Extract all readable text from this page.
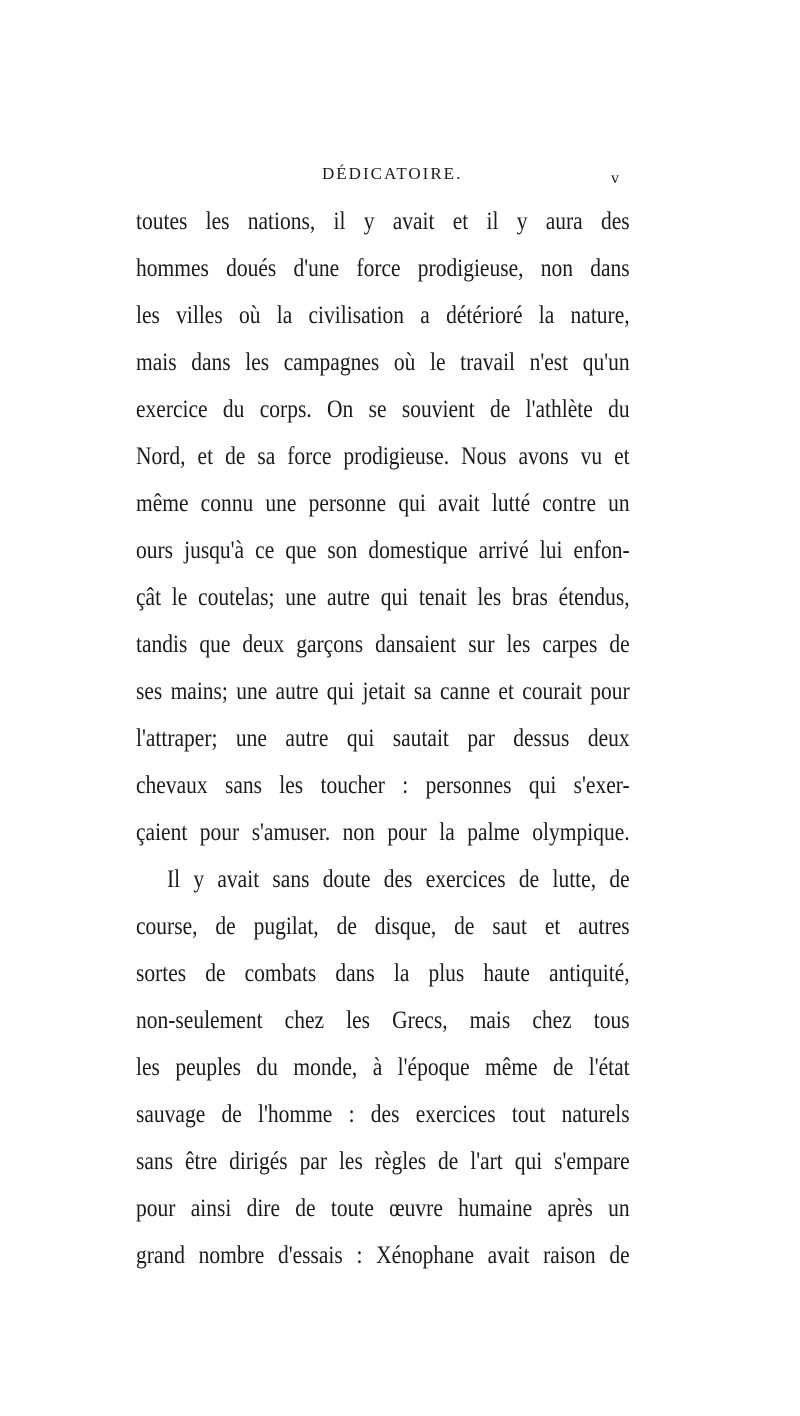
DÉDICATOIRE.	v
toutes les nations, il y avait et il y aura des
hommes doués d'une force prodigieuse, non dans
les villes où la civilisation a détérioré la nature,
mais dans les campagnes où le travail n'est qu'un
exercice du corps. On se souvient de l'athlète du
Nord, et de sa force prodigieuse. Nous avons vu et
même connu une personne qui avait lutté contre un
ours jusqu'à ce que son domestique arrivé lui enfon-
çât le coutelas; une autre qui tenait les bras étendus,
tandis que deux garçons dansaient sur les carpes de
ses mains; une autre qui jetait sa canne et courait pour
l'attraper; une autre qui sautait par dessus deux
chevaux sans les toucher : personnes qui s'exer-
çaient pour s'amuser. non pour la palme olympique.
Il y avait sans doute des exercices de lutte, de
course, de pugilat, de disque, de saut et autres
sortes de combats dans la plus haute antiquité,
non-seulement chez les Grecs, mais chez tous
les peuples du monde, à l'époque même de l'état
sauvage de l'homme : des exercices tout naturels
sans être dirigés par les règles de l'art qui s'empare
pour ainsi dire de toute œuvre humaine après un
grand nombre d'essais : Xénophane avait raison de
